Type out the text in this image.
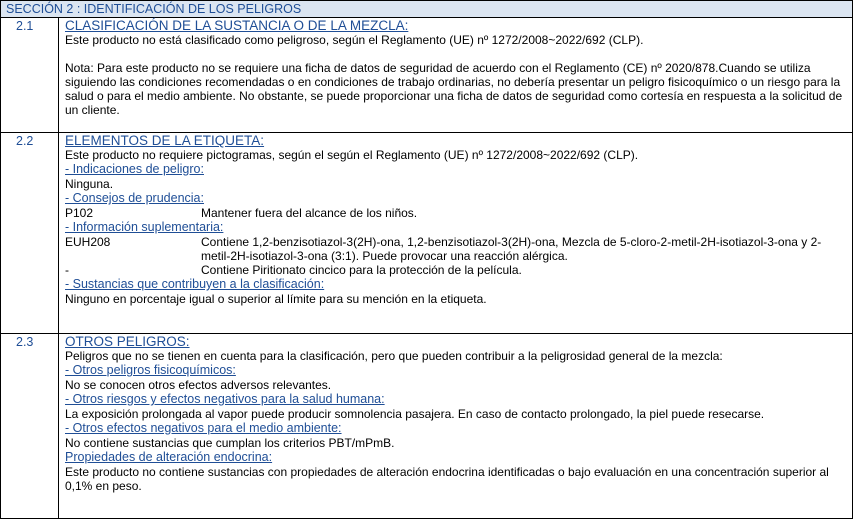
SECCIÓN 2 : IDENTIFICACIÓN DE LOS PELIGROS
2.1	CLASIFICACIÓN DE LA SUSTANCIA O DE LA MEZCLA:
Este producto no está clasificado como peligroso, según el Reglamento (UE) nº 1272/2008~2022/692 (CLP).
Nota: Para este producto no se requiere una ficha de datos de seguridad de acuerdo con el Reglamento (CE) nº 2020/878.Cuando se utiliza siguiendo las condiciones recomendadas o en condiciones de trabajo ordinarias, no debería presentar un peligro fisicoquímico o un riesgo para la salud o para el medio ambiente. No obstante, se puede proporcionar una ficha de datos de seguridad como cortesía en respuesta a la solicitud de un cliente.
2.2	ELEMENTOS DE LA ETIQUETA:
Este producto no requiere pictogramas, según el según el Reglamento (UE) nº 1272/2008~2022/692 (CLP).
- Indicaciones de peligro:
Ninguna.
- Consejos de prudencia:
P102	Mantener fuera del alcance de los niños.
- Información suplementaria:
EUH208	Contiene 1,2-benzisotiazol-3(2H)-ona, 1,2-benzisotiazol-3(2H)-ona, Mezcla de 5-cloro-2-metil-2H-isotiazol-3-ona y 2-metil-2H-isotiazol-3-ona (3:1). Puede provocar una reacción alérgica.
-	Contiene Piritionato cincico para la protección de la película.
- Sustancias que contribuyen a la clasificación:
Ninguno en porcentaje igual o superior al límite para su mención en la etiqueta.
2.3	OTROS PELIGROS:
Peligros que no se tienen en cuenta para la clasificación, pero que pueden contribuir a la peligrosidad general de la mezcla:
- Otros peligros fisicoquímicos:
No se conocen otros efectos adversos relevantes.
- Otros riesgos y efectos negativos para la salud humana:
La exposición prolongada al vapor puede producir somnolencia pasajera. En caso de contacto prolongado, la piel puede resecarse.
- Otros efectos negativos para el medio ambiente:
No contiene sustancias que cumplan los criterios PBT/mPmB.
Propiedades de alteración endocrina:
Este producto no contiene sustancias con propiedades de alteración endocrina identificadas o bajo evaluación en una concentración superior al 0,1% en peso.
